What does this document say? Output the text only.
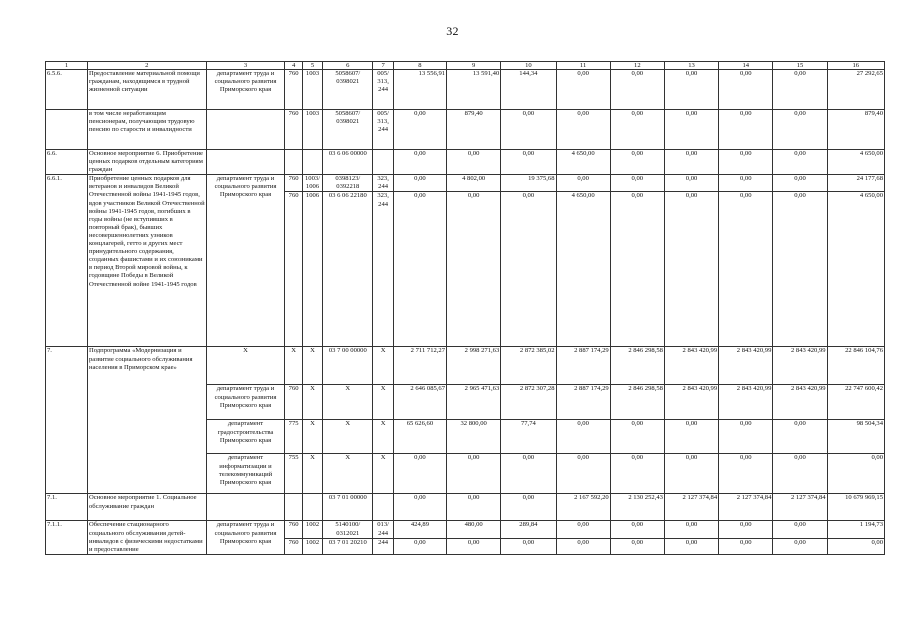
32
1	2	3	4	5	6	7	8	9	10	11	12	13	14	15	16
6.5.6.	Предоставление материальной помощи гражданам, находящимся в трудной жизненной ситуации	департамент труда и социального развития Приморского края	760	1003	5058607/ 0398021	005/ 313, 244	13 556,91	13 591,40	144,34	0,00	0,00	0,00	0,00	0,00	27 292,65
	в том числе неработающим пенсионерам, получающим трудовую пенсию по старости и инвалидности		760	1003	5058607/ 0398021	005/ 313, 244	0,00	879,40	0,00	0,00	0,00	0,00	0,00	0,00	879,40
6.6.	Основное мероприятие 6. Приобретение ценных подарков отдельным категориям граждан				03 6 06 00000		0,00	0,00	0,00	4 650,00	0,00	0,00	0,00	0,00	4 650,00
6.6.1.	Приобретение ценных подарков для ветеранов и инвалидов Великой Отечественной войны 1941-1945 годов, вдов участников Великой Отечественной войны 1941-1945 годов, погибших в годы войны (не вступивших в повторный брак), бывших несовершеннолетних узников концлагерей, гетто и других мест принудительного содержания, созданных фашистами и их союзниками в период Второй мировой войны, к годовщине Победы в Великой Отечественной войне 1941-1945 годов	департамент труда и социального развития Приморского края	760	1003/ 1006	0398123/ 0392218	323, 244	0,00	4 802,00	19 375,68	0,00	0,00	0,00	0,00	0,00	24 177,68
			760	1006	03 6 06 22180	323, 244	0,00	0,00	0,00	4 650,00	0,00	0,00	0,00	0,00	4 650,00
7.	Подпрограмма «Модернизация и развитие социального обслуживания населения в Приморском крае»	Х	Х	Х	03 7 00 00000	Х	2 711 712,27	2 998 271,63	2 872 385,02	2 887 174,29	2 846 298,58	2 843 420,99	2 843 420,99	2 843 420,99	22 846 104,76
		департамент труда и социального развития Приморского края	760	Х	Х	Х	2 646 085,67	2 965 471,63	2 872 307,28	2 887 174,29	2 846 298,58	2 843 420,99	2 843 420,99	2 843 420,99	22 747 600,42
		департамент градостроительства Приморского края	775	Х	Х	Х	65 626,60	32 800,00	77,74	0,00	0,00	0,00	0,00	0,00	98 504,34
		департамент информатизации и телекоммуникаций Приморского края	755	Х	Х	Х	0,00	0,00	0,00	0,00	0,00	0,00	0,00	0,00	0,00
7.1.	Основное мероприятие 1. Социальное обслуживание граждан				03 7 01 00000		0,00	0,00	0,00	2 167 592,20	2 130 252,43	2 127 374,84	2 127 374,84	2 127 374,84	10 679 969,15
7.1.1.	Обеспечение стационарного социального обслуживания детей-инвалидов с физическими недостатками и предоставление	департамент труда и социального развития Приморского края	760	1002	5140100/ 0312021	013/ 244	424,89	480,00	289,84	0,00	0,00	0,00	0,00	0,00	1 194,73
			760	1002	03 7 01 20210	244	0,00	0,00	0,00	0,00	0,00	0,00	0,00	0,00	0,00
